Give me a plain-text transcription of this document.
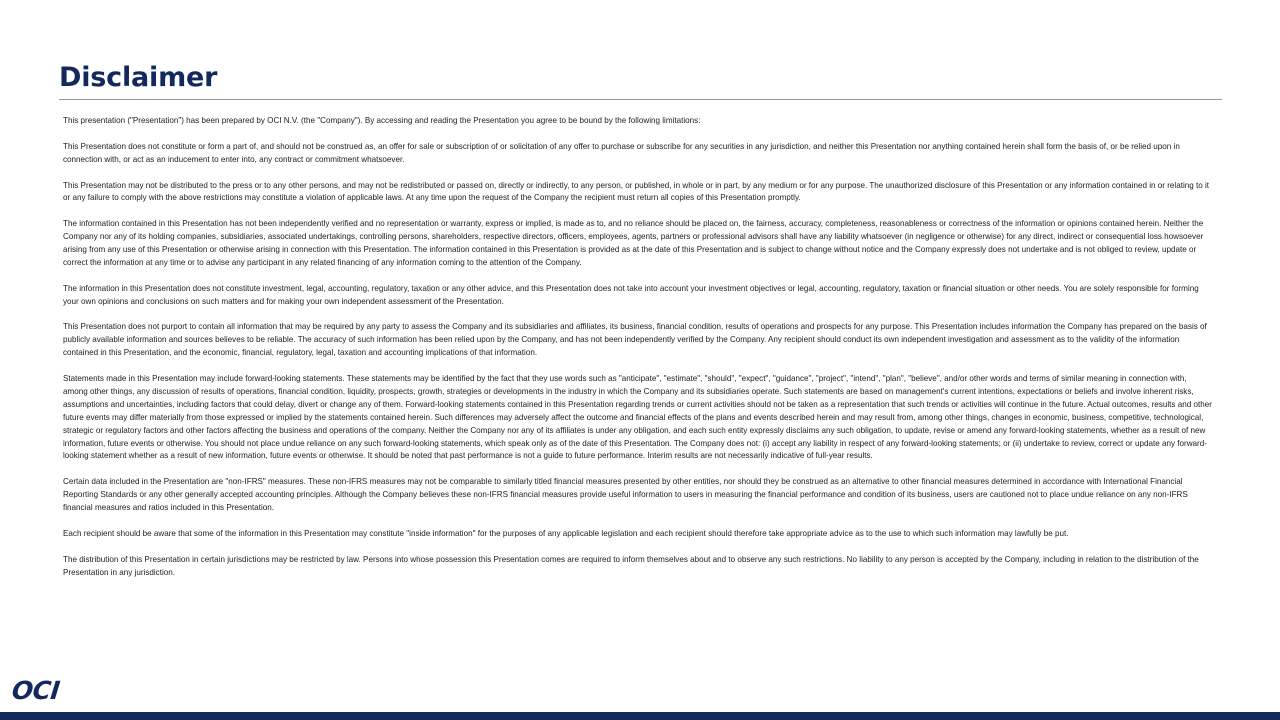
Disclaimer

This presentation ("Presentation") has been prepared by OCI N.V. (the "Company"). By accessing and reading the Presentation you agree to be bound by the following limitations:

This Presentation does not constitute or form a part of, and should not be construed as, an offer for sale or subscription of or solicitation of any offer to purchase or subscribe for any securities in any jurisdiction, and neither this Presentation nor anything contained herein shall form the basis of, or be relied upon in connection with, or act as an inducement to enter into, any contract or commitment whatsoever.

This Presentation may not be distributed to the press or to any other persons, and may not be redistributed or passed on, directly or indirectly, to any person, or published, in whole or in part, by any medium or for any purpose. The unauthorized disclosure of this Presentation or any information contained in or relating to it or any failure to comply with the above restrictions may constitute a violation of applicable laws. At any time upon the request of the Company the recipient must return all copies of this Presentation promptly.

The information contained in this Presentation has not been independently verified and no representation or warranty, express or implied, is made as to, and no reliance should be placed on, the fairness, accuracy, completeness, reasonableness or correctness of the information or opinions contained herein. Neither the Company nor any of its holding companies, subsidiaries, associated undertakings, controlling persons, shareholders, respective directors, officers, employees, agents, partners or professional advisors shall have any liability whatsoever (in negligence or otherwise) for any direct, indirect or consequential loss howsoever arising from any use of this Presentation or otherwise arising in connection with this Presentation. The information contained in this Presentation is provided as at the date of this Presentation and is subject to change without notice and the Company expressly does not undertake and is not obliged to review, update or correct the information at any time or to advise any participant in any related financing of any information coming to the attention of the Company.

The information in this Presentation does not constitute investment, legal, accounting, regulatory, taxation or any other advice, and this Presentation does not take into account your investment objectives or legal, accounting, regulatory, taxation or financial situation or other needs. You are solely responsible for forming your own opinions and conclusions on such matters and for making your own independent assessment of the Presentation.

This Presentation does not purport to contain all information that may be required by any party to assess the Company and its subsidiaries and affiliates, its business, financial condition, results of operations and prospects for any purpose. This Presentation includes information the Company has prepared on the basis of publicly available information and sources believes to be reliable. The accuracy of such information has been relied upon by the Company, and has not been independently verified by the Company. Any recipient should conduct its own independent investigation and assessment as to the validity of the information contained in this Presentation, and the economic, financial, regulatory, legal, taxation and accounting implications of that information.

Statements made in this Presentation may include forward-looking statements. These statements may be identified by the fact that they use words such as "anticipate", "estimate", "should", "expect", "guidance", "project", "intend", "plan", "believe", and/or other words and terms of similar meaning in connection with, among other things, any discussion of results of operations, financial condition, liquidity, prospects, growth, strategies or developments in the industry in which the Company and its subsidiaries operate. Such statements are based on management's current intentions, expectations or beliefs and involve inherent risks, assumptions and uncertainties, including factors that could delay, divert or change any of them. Forward-looking statements contained in this Presentation regarding trends or current activities should not be taken as a representation that such trends or activities will continue in the future. Actual outcomes, results and other future events may differ materially from those expressed or implied by the statements contained herein. Such differences may adversely affect the outcome and financial effects of the plans and events described herein and may result from, among other things, changes in economic, business, competitive, technological, strategic or regulatory factors and other factors affecting the business and operations of the company. Neither the Company nor any of its affiliates is under any obligation, and each such entity expressly disclaims any such obligation, to update, revise or amend any forward-looking statements, whether as a result of new information, future events or otherwise. You should not place undue reliance on any such forward-looking statements, which speak only as of the date of this Presentation. The Company does not: (i) accept any liability in respect of any forward-looking statements; or (ii) undertake to review, correct or update any forward-looking statement whether as a result of new information, future events or otherwise. It should be noted that past performance is not a guide to future performance. Interim results are not necessarily indicative of full-year results.

Certain data included in the Presentation are "non-IFRS" measures. These non-IFRS measures may not be comparable to similarly titled financial measures presented by other entities, nor should they be construed as an alternative to other financial measures determined in accordance with International Financial Reporting Standards or any other generally accepted accounting principles. Although the Company believes these non-IFRS financial measures provide useful information to users in measuring the financial performance and condition of its business, users are cautioned not to place undue reliance on any non-IFRS financial measures and ratios included in this Presentation.

Each recipient should be aware that some of the information in this Presentation may constitute "inside information" for the purposes of any applicable legislation and each recipient should therefore take appropriate advice as to the use to which such information may lawfully be put.

The distribution of this Presentation in certain jurisdictions may be restricted by law. Persons into whose possession this Presentation comes are required to inform themselves about and to observe any such restrictions. No liability to any person is accepted by the Company, including in relation to the distribution of the Presentation in any jurisdiction.

OCI
